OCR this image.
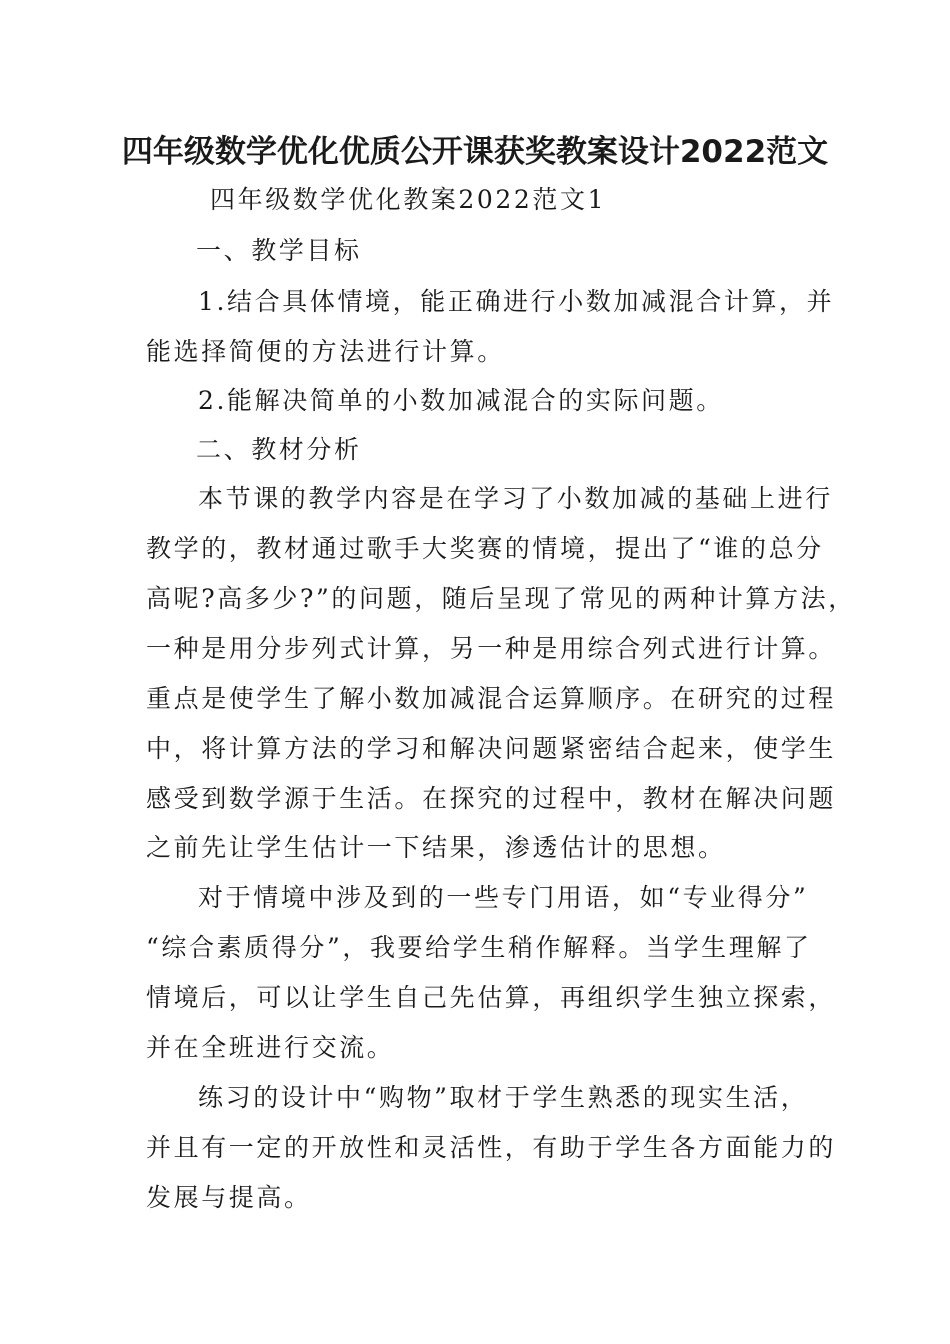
四年级数学优化优质公开课获奖教案设计2022范文
四年级数学优化教案2022范文1
一、教学目标
1.结合具体情境，能正确进行小数加减混合计算，并
能选择简便的方法进行计算。
2.能解决简单的小数加减混合的实际问题。
二、教材分析
本节课的教学内容是在学习了小数加减的基础上进行
教学的，教材通过歌手大奖赛的情境，提出了“谁的总分
高呢?高多少?”的问题，随后呈现了常见的两种计算方法，
一种是用分步列式计算，另一种是用综合列式进行计算。
重点是使学生了解小数加减混合运算顺序。在研究的过程
中，将计算方法的学习和解决问题紧密结合起来，使学生
感受到数学源于生活。在探究的过程中，教材在解决问题
之前先让学生估计一下结果，渗透估计的思想。
对于情境中涉及到的一些专门用语，如“专业得分”
“综合素质得分”，我要给学生稍作解释。当学生理解了
情境后，可以让学生自己先估算，再组织学生独立探索，
并在全班进行交流。
练习的设计中“购物”取材于学生熟悉的现实生活，
并且有一定的开放性和灵活性，有助于学生各方面能力的
发展与提高。
